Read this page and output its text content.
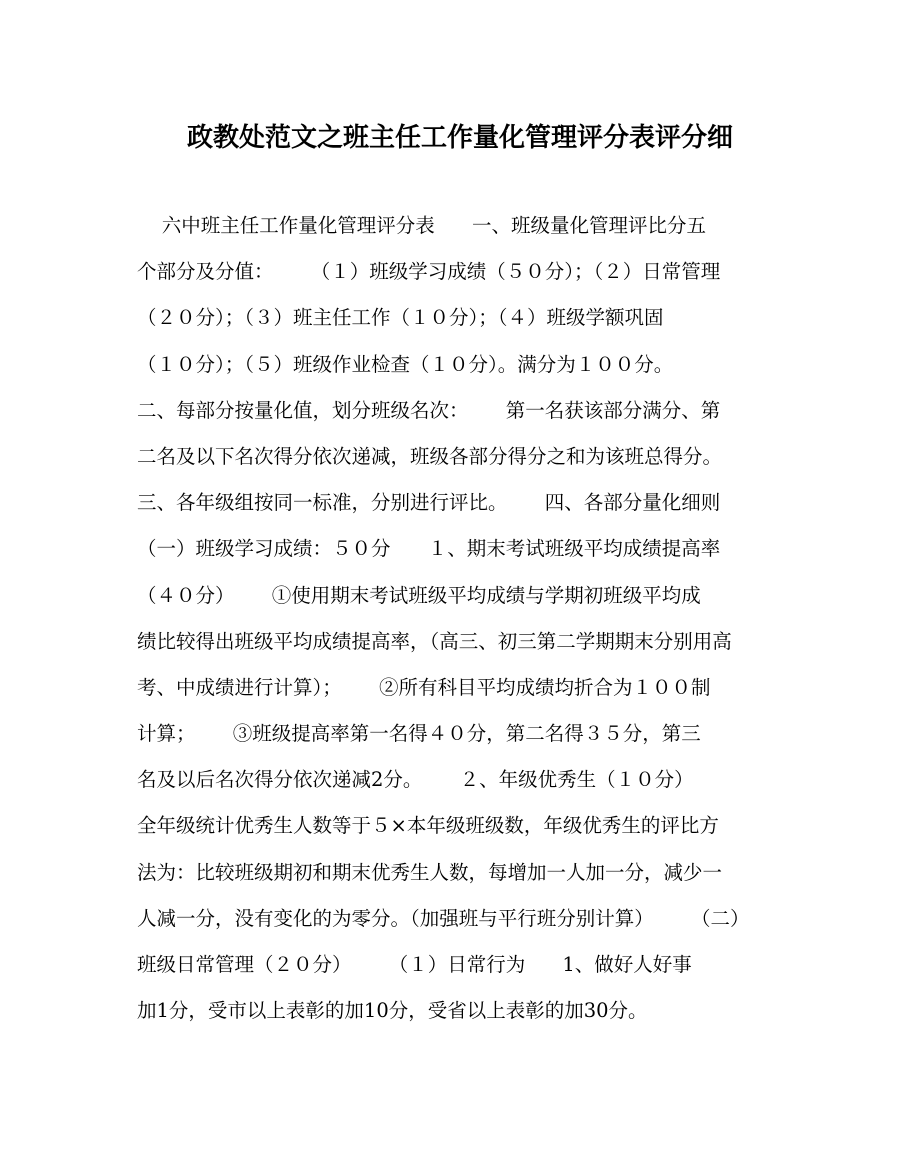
政教处范文之班主任工作量化管理评分表评分细
六中班主任工作量化管理评分表      一、班级量化管理评比分五
个部分及分值：      （１）班级学习成绩（５０分）；（２）日常管理
（２０分）；（３）班主任工作（１０分）；（４）班级学额巩固
（１０分）；（５）班级作业检查（１０分）。满分为１００分。
二、每部分按量化值，划分班级名次：      第一名获该部分满分、第
二名及以下名次得分依次递减，班级各部分得分之和为该班总得分。
三、各年级组按同一标准，分别进行评比。      四、各部分量化细则
（一）班级学习成绩：５０分      １、期末考试班级平均成绩提高率
（４０分）      ①使用期末考试班级平均成绩与学期初班级平均成
绩比较得出班级平均成绩提高率，（高三、初三第二学期期末分别用高
考、中成绩进行计算）；      ②所有科目平均成绩均折合为１００制
计算；      ③班级提高率第一名得４０分，第二名得３５分，第三
名及以后名次得分依次递减2分。      ２、年级优秀生（１０分）
全年级统计优秀生人数等于５×本年级班级数，年级优秀生的评比方
法为：比较班级期初和期末优秀生人数，每增加一人加一分，减少一
人减一分，没有变化的为零分。（加强班与平行班分别计算）      （二）
班级日常管理（２０分）      （１）日常行为      1、做好人好事
加1分，受市以上表彰的加10分，受省以上表彰的加30分。
